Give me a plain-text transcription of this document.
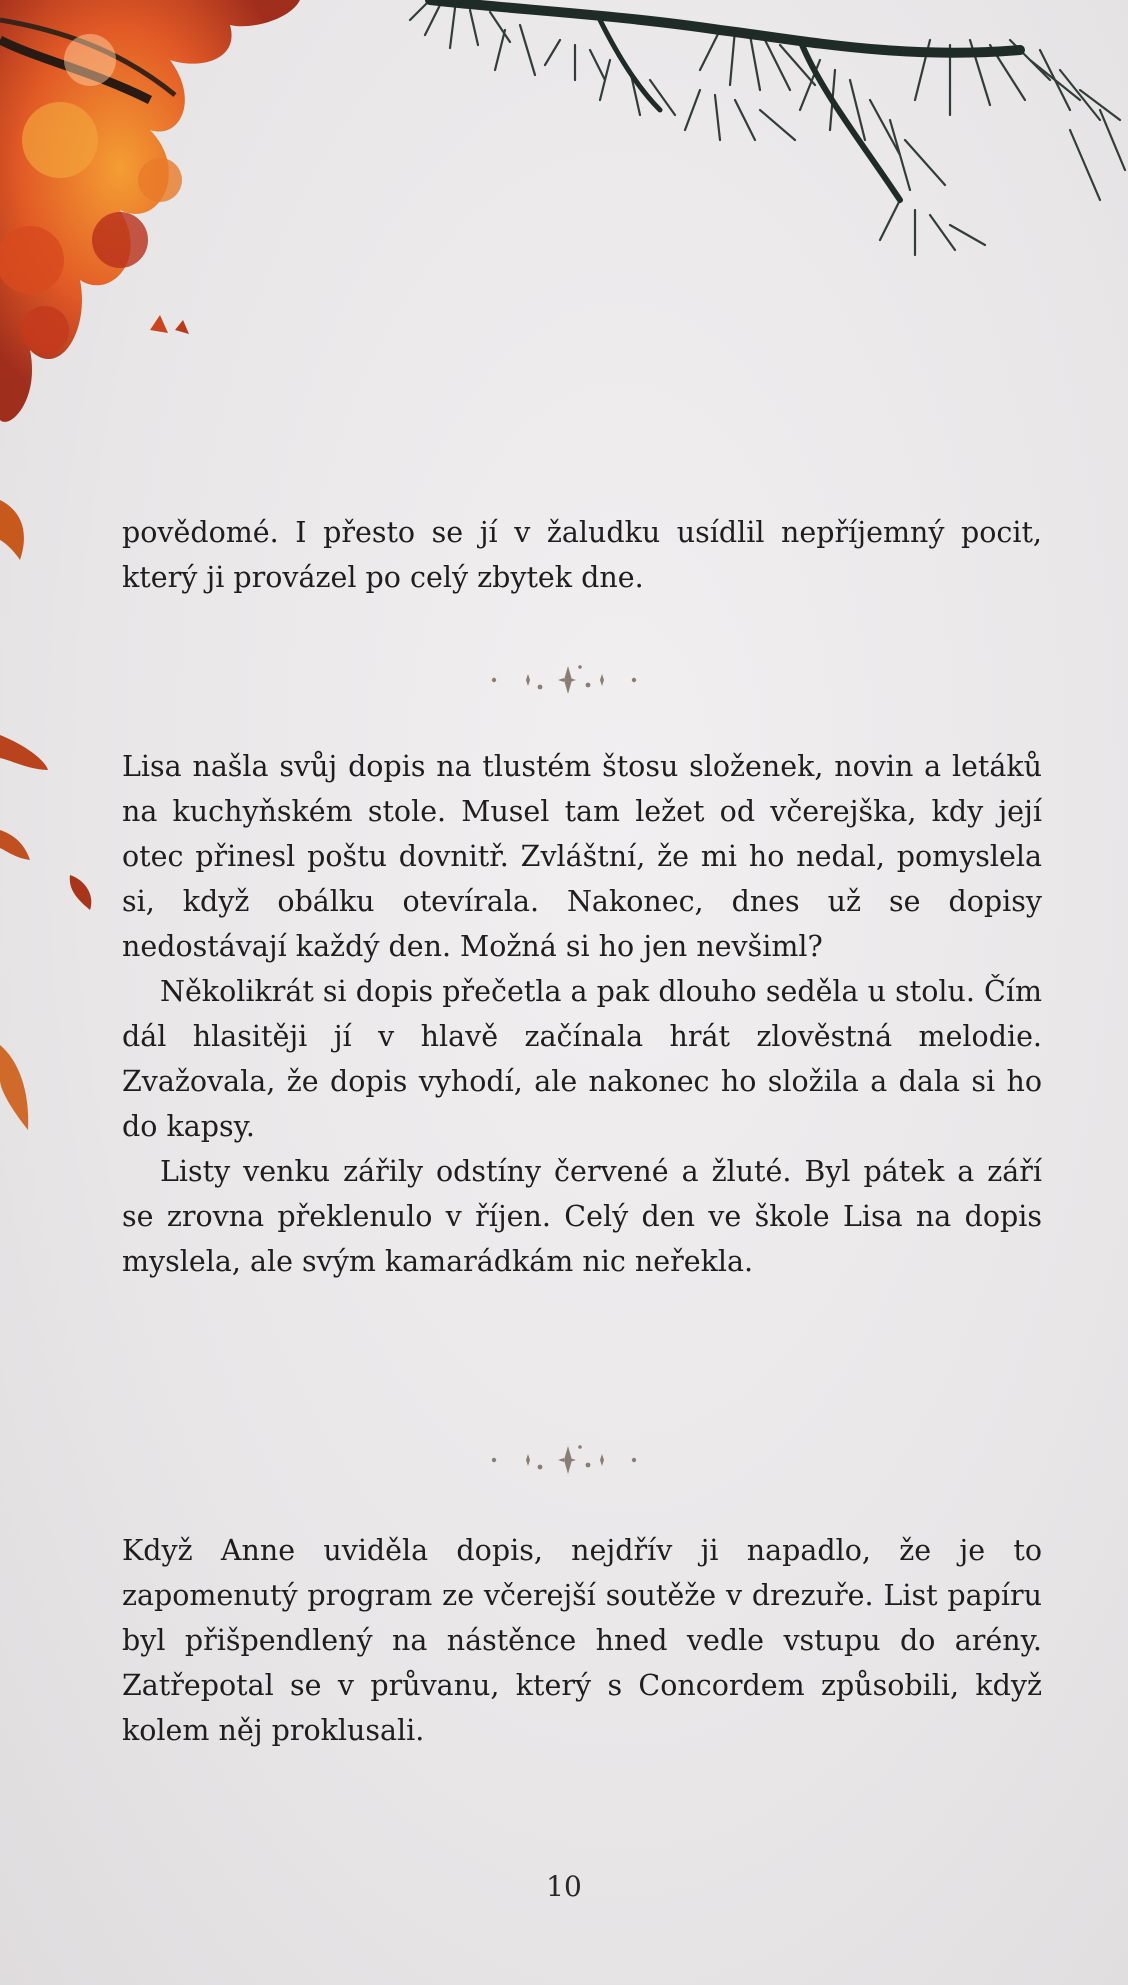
povědomé. I přesto se jí v žaludku usídlil nepříjemný pocit, který ji provázel po celý zbytek dne.

Lisa našla svůj dopis na tlustém štosu složenek, novin a letáků na kuchyňském stole. Musel tam ležet od včerejška, kdy její otec přinesl poštu dovnitř. Zvláštní, že mi ho nedal, pomyslela si, když obálku otevírala. Nakonec, dnes už se dopisy nedostávají každý den. Možná si ho jen nevšiml?

Několikrát si dopis přečetla a pak dlouho seděla u stolu. Čím dál hlasitěji jí v hlavě začínala hrát zlověstná melodie. Zvažovala, že dopis vyhodí, ale nakonec ho složila a dala si ho do kapsy.

Listy venku zářily odstíny červené a žluté. Byl pátek a září se zrovna překlenulo v říjen. Celý den ve škole Lisa na dopis myslela, ale svým kamarádkám nic neřekla.

Když Anne uviděla dopis, nejdřív ji napadlo, že je to zapomenutý program ze včerejší soutěže v drezuře. List papíru byl přišpendlený na nástěnce hned vedle vstupu do arény. Zatřepotal se v průvanu, který s Concordem způsobili, když kolem něj proklusali.

10
